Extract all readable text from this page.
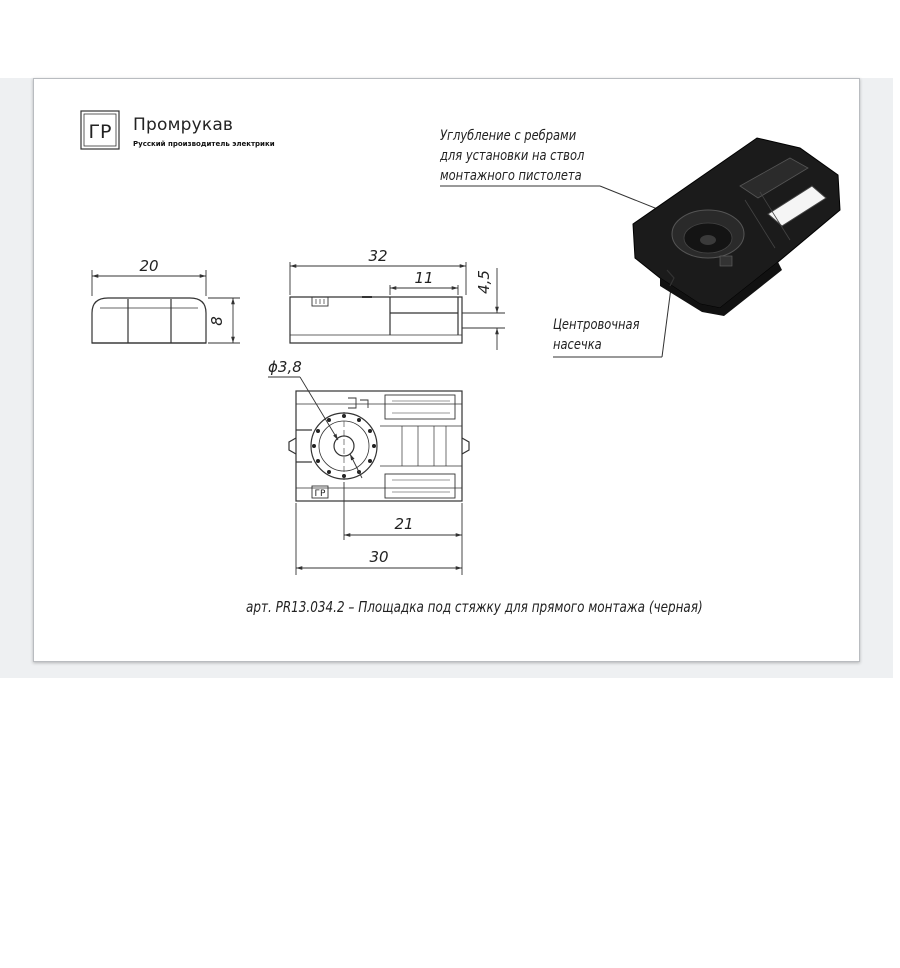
ГР Промрукав
Русский производитель электрики	Углубление с ребрами
для установки на ствол
монтажного пистолета
Центровочная
насечка
арт. PR13.034.2 – Площадка под стяжку для прямого монтажа (черная)
20
8
32
11	4,5
ГР
ϕ3,8
21
30
